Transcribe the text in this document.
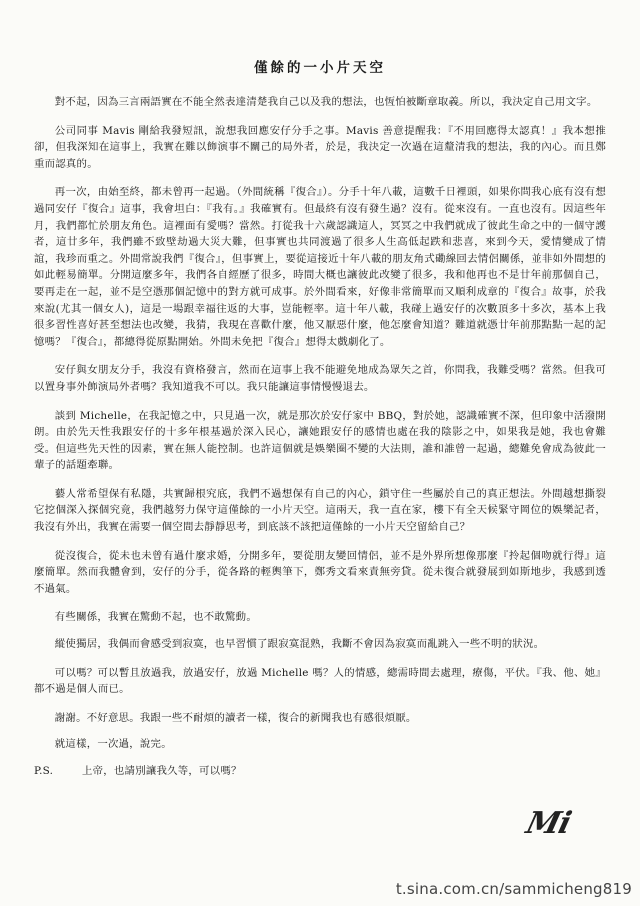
僅餘的一小片天空

對不起，因為三言兩語實在不能全然表達清楚我自己以及我的想法，也恆怕被斷章取義。所以，我決定自己用文字。

公司同事 Mavis 剛給我發短訊，說想我回應安仔分手之事。Mavis 善意提醒我：『不用回應得太認真！』我本想推卻，但我深知在這事上，我實在難以飾演事不關己的局外者，於是，我決定一次過在這釐清我的想法，我的內心。而且鄭重而認真的。

再一次，由始至終，都未曾再一起過。（外間統稱『復合』）。分手十年八載，這數千日裡頭，如果你問我心底有沒有想過同安仔『復合』這事，我會坦白：『我有。』我確實有。但最終有沒有發生過？沒有。從來沒有。一直也沒有。因這些年月，我們都忙於朋友角色。這裡面有愛嗎？當然。打從我十六歲認識這人，冥冥之中我們就成了彼此生命之中的一個守護者，這廿多年，我們雖不致壁劫過大災大難，但事實也共同渡過了很多人生高低起跌和悲喜，來到今天，愛情變成了情誼，我珍而重之。外間常說我們『復合』，但事實上，要從這接近十年八載的朋友角式磡線回去情侶關係，並非如外間想的如此輕易簡單。分開這麼多年，我們各自經歷了很多，時間大概也讓彼此改變了很多，我和他再也不是廿年前那個自己，要再走在一起，並不是空憑那個記憶中的對方就可成事。於外間看來，好像非常簡單而又順利成章的『復合』故事，於我來說(尤其一個女人)，這是一場跟幸福往返的大事，豈能輕率。這十年八載，我碰上過安仔的次數頂多十多次，基本上我很多習性喜好甚至想法也改變，我猜，我現在喜歡什麼，他又厭惡什麼，他怎麼會知道？難道就憑廿年前那點點一起的記憶嗎？『復合』，都總得從原點開始。外間未免把『復合』想得太戲劇化了。

安仔與女朋友分手，我沒有資格發言，然而在這事上我不能避免地成為眾矢之首，你問我，我難受嗎？當然。但我可以置身事外飾演局外者嗎？我知道我不可以。我只能讓這事情慢慢退去。

談到 Michelle，在我記憶之中，只見過一次，就是那次於安仔家中 BBQ，對於她，認識確實不深，但印象中活潑開朗。由於先天性我跟安仔的十多年根基過於深入民心，讓她跟安仔的感情也處在我的陰影之中，如果我是她，我也會難受。但這些先天性的因素，實在無人能控制。也許這個就是娛樂圈不變的大法則，誰和誰曾一起過，總難免會成為彼此一輩子的話題牽聯。

藝人常希望保有私隱，共實歸根究底，我們不過想保有自己的內心，鎖守住一些屬於自己的真正想法。外間越想撕裂它挖個深入探個究竟，我們越努力保守這僅餘的一小片天空。這兩天，我一直在家，樓下有全天候緊守岡位的娛樂記者，我沒有外出，我實在需要一個空間去靜靜思考，到底該不該把這僅餘的一小片天空留給自己？

從沒復合，從未也未曾有過什麼求婚，分開多年，要從朋友變回情侶，並不是外界所想像那麼『拎起個吻就行得』這麼簡單。然而我體會到，安仔的分手，從各路的輕輿筆下，鄭秀文看來責無旁貸。從未復合就發展到如斯地步，我感到透不過氣。

有些關係，我實在驚動不起，也不敢驚動。

縱使獨居，我偶而會感受到寂寞，也早習慣了跟寂寞混熟，我斷不會因為寂寞而亂跳入一些不明的狀況。

可以嗎？可以暫且放過我，放過安仔，放過 Michelle 嗎？人的情感，總需時間去處理，療傷，平伏。『我、他、她』都不過是個人而已。

謝謝。不好意思。我跟一些不耐煩的讀者一樣，復合的新聞我也有感很煩厭。

就這樣，一次過，說完。

P.S.	上帝，也請別讓我久等，可以嗎？
Mi
t.sina.com.cn/sammicheng819
